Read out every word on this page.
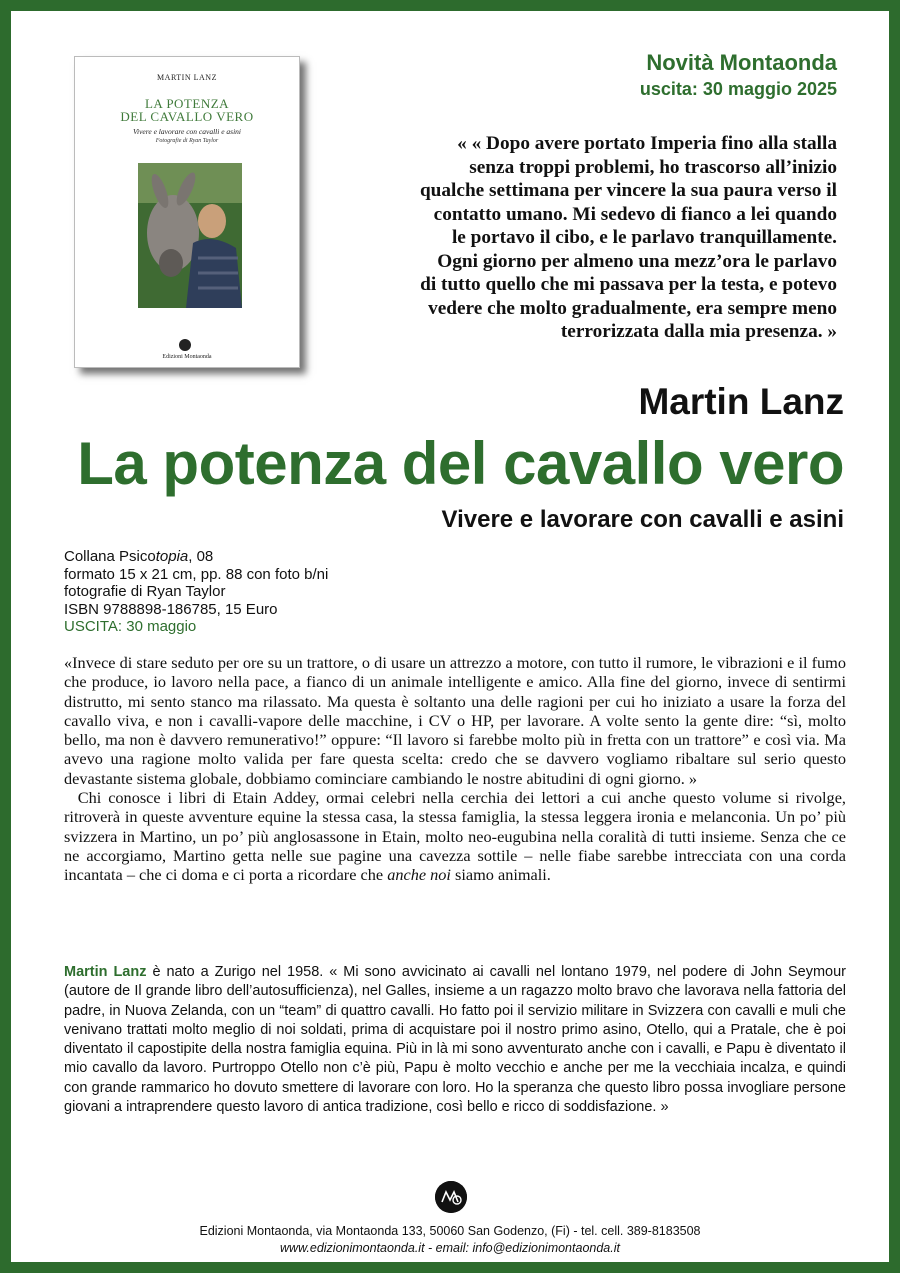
MARTIN LANZ
LA POTENZA
DEL CAVALLO VERO
Vivere e lavorare con cavalli e asini
Fotografie di Ryan Taylor
Edizioni Montaonda
Novità Montaonda
uscita: 30 maggio 2025

« « Dopo avere portato Imperia fino alla stalla

senza troppi problemi, ho trascorso all’inizio

qualche settimana per vincere la sua paura verso il

contatto umano. Mi sedevo di fianco a lei quando

le portavo il cibo, e le parlavo tranquillamente.

Ogni giorno per almeno una mezz’ora le parlavo

di tutto quello che mi passava per la testa, e potevo

vedere che molto gradualmente, era sempre meno

terrorizzata dalla mia presenza. »

Martin Lanz
La potenza del cavallo vero
Vivere e lavorare con cavalli e asini
Collana Psicotopia, 08
formato 15 x 21 cm, pp. 88 con foto b/ni
fotografie di Ryan Taylor
ISBN 9788898-186785, 15 Euro
USCITA: 30 maggio

«Invece di stare seduto per ore su un trattore, o di usare un attrezzo a motore, con tutto il rumore, le vibrazioni e il fumo che produce, io lavoro nella pace, a fianco di un animale intelligente e amico. Alla fine del giorno, invece di sentirmi distrutto, mi sento stanco ma rilassato. Ma questa è soltanto una delle ragioni per cui ho iniziato a usare la forza del cavallo viva, e non i cavalli-vapore delle macchine, i CV o HP, per lavorare. A volte sento la gente dire: “sì, molto bello, ma non è davvero remunerativo!” oppure: “Il lavoro si farebbe molto più in fretta con un trattore” e così via. Ma avevo una ragione molto valida per fare questa scelta: credo che se davvero vogliamo ribaltare sul serio questo devastante sistema globale, dobbiamo cominciare cambiando le nostre abitudini di ogni giorno. »

Chi conosce i libri di Etain Addey, ormai celebri nella cerchia dei lettori a cui anche questo volume si rivolge, ritroverà in queste avventure equine la stessa casa, la stessa famiglia, la stessa leggera ironia e melanconia. Un po’ più svizzera in Martino, un po’ più anglosassone in Etain, molto neo-eugubina nella coralità di tutti insieme. Senza che ce ne accorgiamo, Martino getta nelle sue pagine una cavezza sottile – nelle fiabe sarebbe intrecciata con una corda incantata – che ci doma e ci porta a ricordare che anche noi siamo animali.

Martin Lanz è nato a Zurigo nel 1958. « Mi sono avvicinato ai cavalli nel lontano 1979, nel podere di John Seymour (autore de Il grande libro dell’autosufficienza), nel Galles, insieme a un ragazzo molto bravo che lavorava nella fattoria del padre, in Nuova Zelanda, con un “team” di quattro cavalli. Ho fatto poi il servizio militare in Svizzera con cavalli e muli che venivano trattati molto meglio di noi soldati, prima di acquistare poi il nostro primo asino, Otello, qui a Pratale, che è poi diventato il capostipite della nostra famiglia equina. Più in là mi sono avventurato anche con i cavalli, e Papu è diventato il mio cavallo da lavoro. Purtroppo Otello non c’è più, Papu è molto vecchio e anche per me la vecchiaia incalza, e quindi con grande rammarico ho dovuto smettere di lavorare con loro. Ho la speranza che questo libro possa invogliare persone giovani a intraprendere questo lavoro di antica tradizione, così bello e ricco di soddisfazione. »
Edizioni Montaonda, via Montaonda 133, 50060 San Godenzo, (Fi) - tel. cell. 389-8183508
www.edizionimontaonda.it - email: info@edizionimontaonda.it
